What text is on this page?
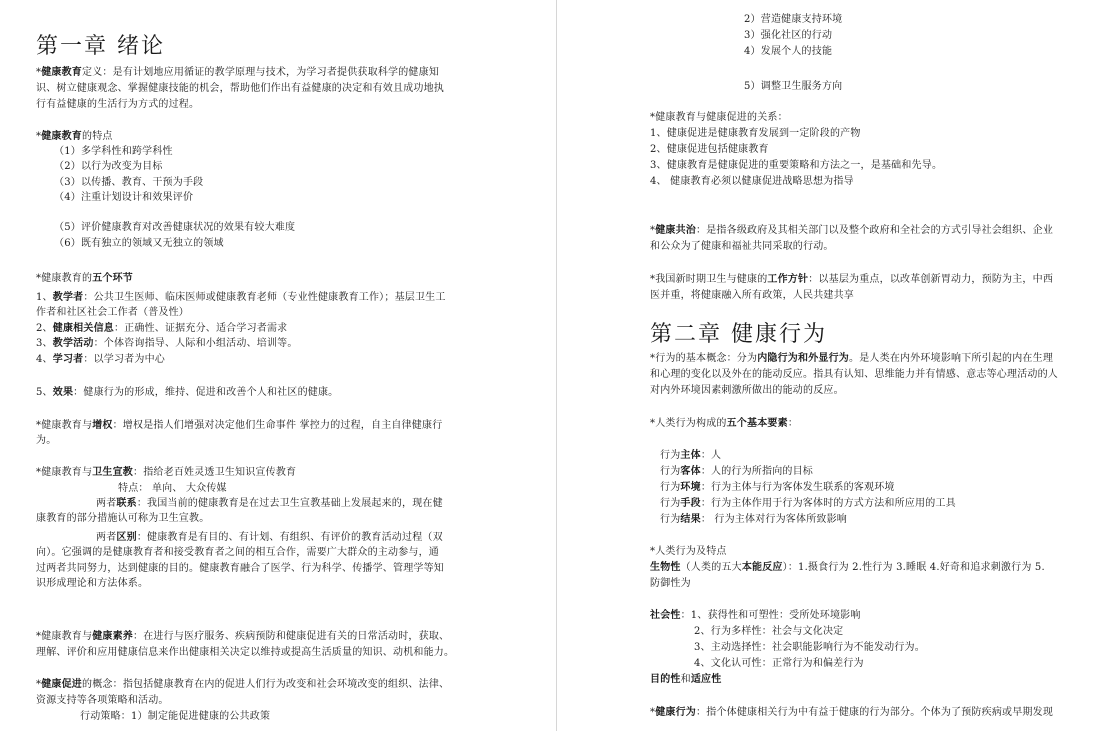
第一章 绪论
*健康教育定义：是有计划地应用循证的教学原理与技术，为学习者提供获取科学的健康知
识、树立健康观念、掌握健康技能的机会，帮助他们作出有益健康的决定和有效且成功地执
行有益健康的生活行为方式的过程。
*健康教育的特点
（1）多学科性和跨学科性
（2）以行为改变为目标
（3）以传播、教育、干预为手段
（4）注重计划设计和效果评价
（5）评价健康教育对改善健康状况的效果有较大难度
（6）既有独立的领域又无独立的领域
*健康教育的五个环节
1、教学者：公共卫生医师、临床医师或健康教育老师（专业性健康教育工作）；基层卫生工
作者和社区社会工作者（普及性）
2、健康相关信息：正确性、证据充分、适合学习者需求
3、教学活动：个体咨询指导、人际和小组活动、培训等。
4、学习者：以学习者为中心
5、效果：健康行为的形成，维持、促进和改善个人和社区的健康。
*健康教育与增权：增权是指人们增强对决定他们生命事件 掌控力的过程，自主自律健康行
为。
*健康教育与卫生宣教：指给老百姓灵透卫生知识宣传教育
特点： 单向、 大众传媒
两者联系：我国当前的健康教育是在过去卫生宣教基础上发展起来的，现在健
康教育的部分措施认可称为卫生宣教。
两者区别：健康教育是有目的、有计划、有组织、有评价的教育活动过程（双
向）。它强调的是健康教育者和接受教育者之间的相互合作，需要广大群众的主动参与，通
过两者共同努力，达到健康的目的。健康教育融合了医学、行为科学、传播学、管理学等知
识形成理论和方法体系。
*健康教育与健康素养：在进行与医疗服务、疾病预防和健康促进有关的日常活动时，获取、
理解、评价和应用健康信息来作出健康相关决定以维持或提高生活质量的知识、动机和能力。
*健康促进的概念：指包括健康教育在内的促进人们行为改变和社会环境改变的组织、法律、
资源支持等各项策略和活动。
行动策略：1）制定能促进健康的公共政策
第二章 健康行为
2）营造健康支持环境
3）强化社区的行动
4）发展个人的技能
5）调整卫生服务方向
*健康教育与健康促进的关系：
1、健康促进是健康教育发展到一定阶段的产物
2、健康促进包括健康教育
3、健康教育是健康促进的重要策略和方法之一，是基础和先导。
4、 健康教育必须以健康促进战略思想为指导
*健康共治：是指各级政府及其相关部门以及整个政府和全社会的方式引导社会组织、企业
和公众为了健康和福祉共同采取的行动。
*我国新时期卫生与健康的工作方针：以基层为重点，以改革创新胃动力，预防为主，中西
医并重，将健康融入所有政策，人民共建共享
*行为的基本概念：分为内隐行为和外显行为。是人类在内外环境影响下所引起的内在生理
和心理的变化以及外在的能动反应。指具有认知、思维能力并有情感、意志等心理活动的人
对内外环境因素刺激所做出的能动的反应。
*人类行为构成的五个基本要素：
行为主体：人
行为客体：人的行为所指向的目标
行为环境：行为主体与行为客体发生联系的客观环境
行为手段：行为主体作用于行为客体时的方式方法和所应用的工具
行为结果： 行为主体对行为客体所致影响
*人类行为及特点
生物性（人类的五大本能反应）：1.摄食行为 2.性行为 3.睡眠 4.好奇和追求刺激行为 5.
防御性为
社会性：1、获得性和可塑性：受所处环境影响
2、行为多样性：社会与文化决定
3、主动选择性：社会职能影响行为不能发动行为。
4、文化认可性：正常行为和偏差行为
目的性和适应性
*健康行为：指个体健康相关行为中有益于健康的行为部分。个体为了预防疾病或早期发现
